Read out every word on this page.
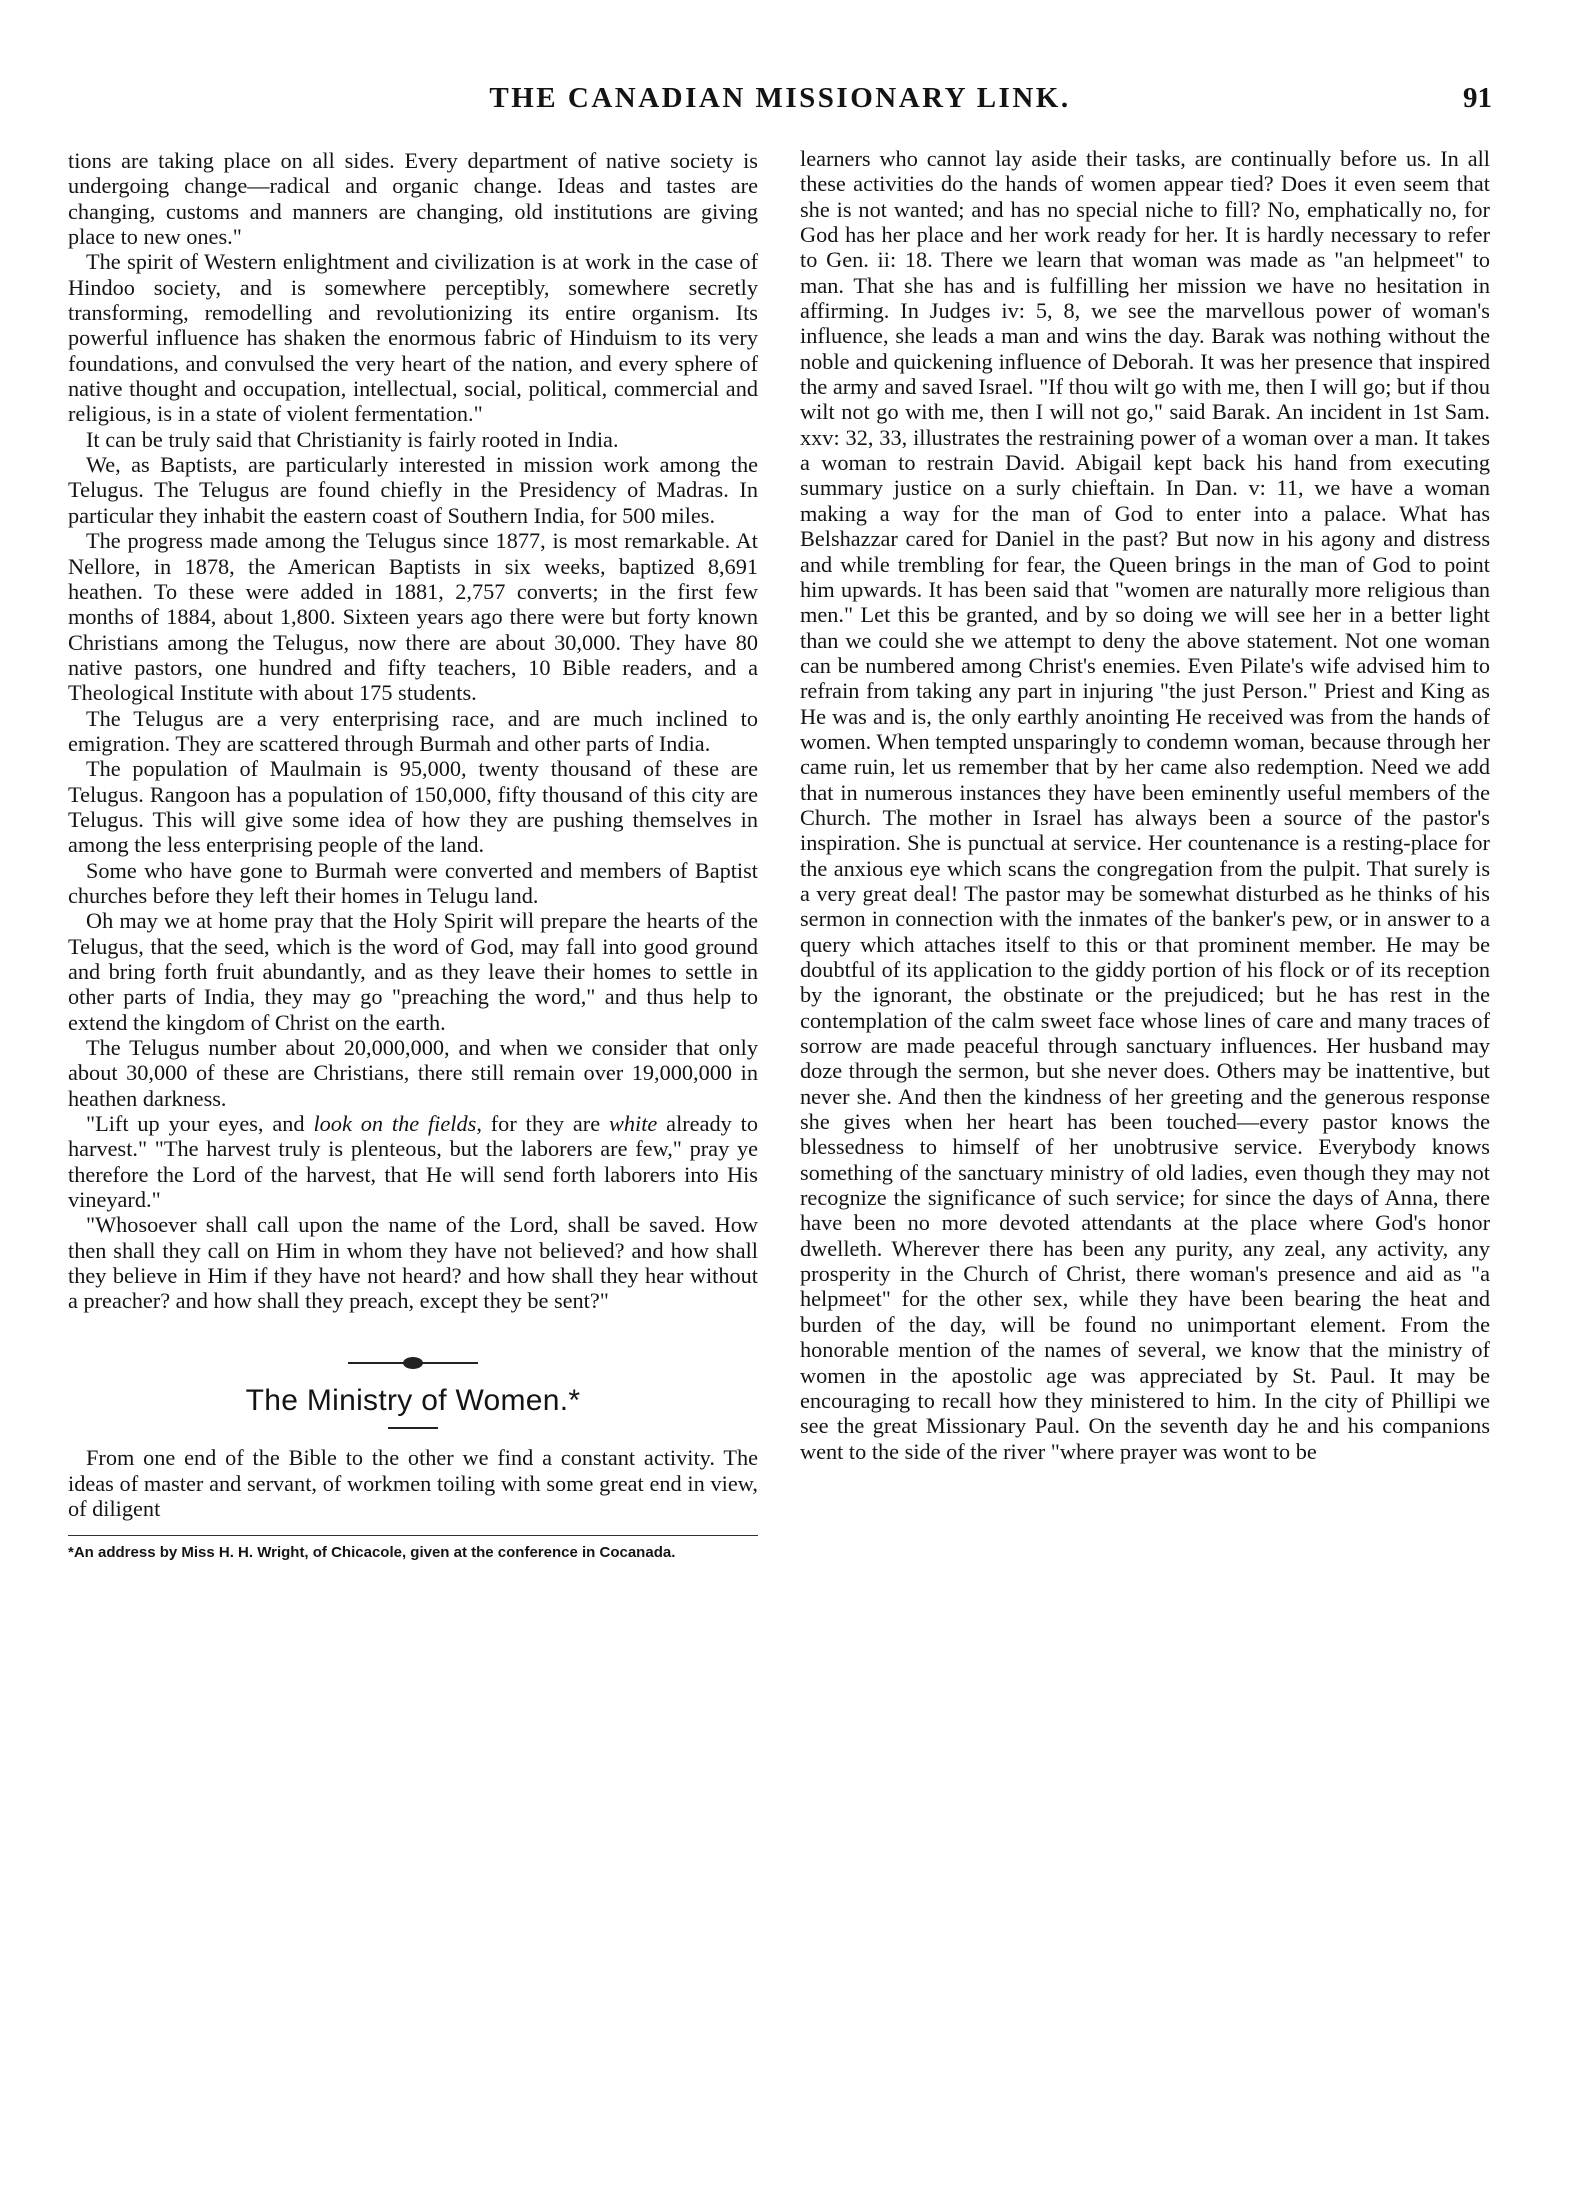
THE CANADIAN MISSIONARY LINK.	91

tions are taking place on all sides. Every department of native society is undergoing change—radical and organic change. Ideas and tastes are changing, customs and manners are changing, old institutions are giving place to new ones."

The spirit of Western enlightment and civilization is at work in the case of Hindoo society, and is somewhere perceptibly, somewhere secretly transforming, remodelling and revolutionizing its entire organism. Its powerful influence has shaken the enormous fabric of Hinduism to its very foundations, and convulsed the very heart of the nation, and every sphere of native thought and occupation, intellectual, social, political, commercial and religious, is in a state of violent fermentation."

It can be truly said that Christianity is fairly rooted in India.

We, as Baptists, are particularly interested in mission work among the Telugus. The Telugus are found chiefly in the Presidency of Madras. In particular they inhabit the eastern coast of Southern India, for 500 miles.

The progress made among the Telugus since 1877, is most remarkable. At Nellore, in 1878, the American Baptists in six weeks, baptized 8,691 heathen. To these were added in 1881, 2,757 converts; in the first few months of 1884, about 1,800. Sixteen years ago there were but forty known Christians among the Telugus, now there are about 30,000. They have 80 native pastors, one hundred and fifty teachers, 10 Bible readers, and a Theological Institute with about 175 students.

The Telugus are a very enterprising race, and are much inclined to emigration. They are scattered through Burmah and other parts of India.

The population of Maulmain is 95,000, twenty thousand of these are Telugus. Rangoon has a population of 150,000, fifty thousand of this city are Telugus. This will give some idea of how they are pushing themselves in among the less enterprising people of the land.

Some who have gone to Burmah were converted and members of Baptist churches before they left their homes in Telugu land.

Oh may we at home pray that the Holy Spirit will prepare the hearts of the Telugus, that the seed, which is the word of God, may fall into good ground and bring forth fruit abundantly, and as they leave their homes to settle in other parts of India, they may go "preaching the word," and thus help to extend the kingdom of Christ on the earth.

The Telugus number about 20,000,000, and when we consider that only about 30,000 of these are Christians, there still remain over 19,000,000 in heathen darkness.

"Lift up your eyes, and look on the fields, for they are white already to harvest." "The harvest truly is plenteous, but the laborers are few," pray ye therefore the Lord of the harvest, that He will send forth laborers into His vineyard."

"Whosoever shall call upon the name of the Lord, shall be saved. How then shall they call on Him in whom they have not believed? and how shall they believe in Him if they have not heard? and how shall they hear without a preacher? and how shall they preach, except they be sent?"

The Ministry of Women.*

From one end of the Bible to the other we find a constant activity. The ideas of master and servant, of workmen toiling with some great end in view, of diligent

*An address by Miss H. H. Wright, of Chicacole, given at the conference in Cocanada.

learners who cannot lay aside their tasks, are continually before us. In all these activities do the hands of women appear tied? Does it even seem that she is not wanted; and has no special niche to fill? No, emphatically no, for God has her place and her work ready for her. It is hardly necessary to refer to Gen. ii: 18. There we learn that woman was made as "an helpmeet" to man. That she has and is fulfilling her mission we have no hesitation in affirming. In Judges iv: 5, 8, we see the marvellous power of woman's influence, she leads a man and wins the day. Barak was nothing without the noble and quickening influence of Deborah. It was her presence that inspired the army and saved Israel. "If thou wilt go with me, then I will go; but if thou wilt not go with me, then I will not go," said Barak. An incident in 1st Sam. xxv: 32, 33, illustrates the restraining power of a woman over a man. It takes a woman to restrain David. Abigail kept back his hand from executing summary justice on a surly chieftain. In Dan. v: 11, we have a woman making a way for the man of God to enter into a palace. What has Belshazzar cared for Daniel in the past? But now in his agony and distress and while trembling for fear, the Queen brings in the man of God to point him upwards. It has been said that "women are naturally more religious than men." Let this be granted, and by so doing we will see her in a better light than we could she we attempt to deny the above statement. Not one woman can be numbered among Christ's enemies. Even Pilate's wife advised him to refrain from taking any part in injuring "the just Person." Priest and King as He was and is, the only earthly anointing He received was from the hands of women. When tempted unsparingly to condemn woman, because through her came ruin, let us remember that by her came also redemption. Need we add that in numerous instances they have been eminently useful members of the Church. The mother in Israel has always been a source of the pastor's inspiration. She is punctual at service. Her countenance is a resting-place for the anxious eye which scans the congregation from the pulpit. That surely is a very great deal! The pastor may be somewhat disturbed as he thinks of his sermon in connection with the inmates of the banker's pew, or in answer to a query which attaches itself to this or that prominent member. He may be doubtful of its application to the giddy portion of his flock or of its reception by the ignorant, the obstinate or the prejudiced; but he has rest in the contemplation of the calm sweet face whose lines of care and many traces of sorrow are made peaceful through sanctuary influences. Her husband may doze through the sermon, but she never does. Others may be inattentive, but never she. And then the kindness of her greeting and the generous response she gives when her heart has been touched—every pastor knows the blessedness to himself of her unobtrusive service. Everybody knows something of the sanctuary ministry of old ladies, even though they may not recognize the significance of such service; for since the days of Anna, there have been no more devoted attendants at the place where God's honor dwelleth. Wherever there has been any purity, any zeal, any activity, any prosperity in the Church of Christ, there woman's presence and aid as "a helpmeet" for the other sex, while they have been bearing the heat and burden of the day, will be found no unimportant element. From the honorable mention of the names of several, we know that the ministry of women in the apostolic age was appreciated by St. Paul. It may be encouraging to recall how they ministered to him. In the city of Phillipi we see the great Missionary Paul. On the seventh day he and his companions went to the side of the river "where prayer was wont to be
